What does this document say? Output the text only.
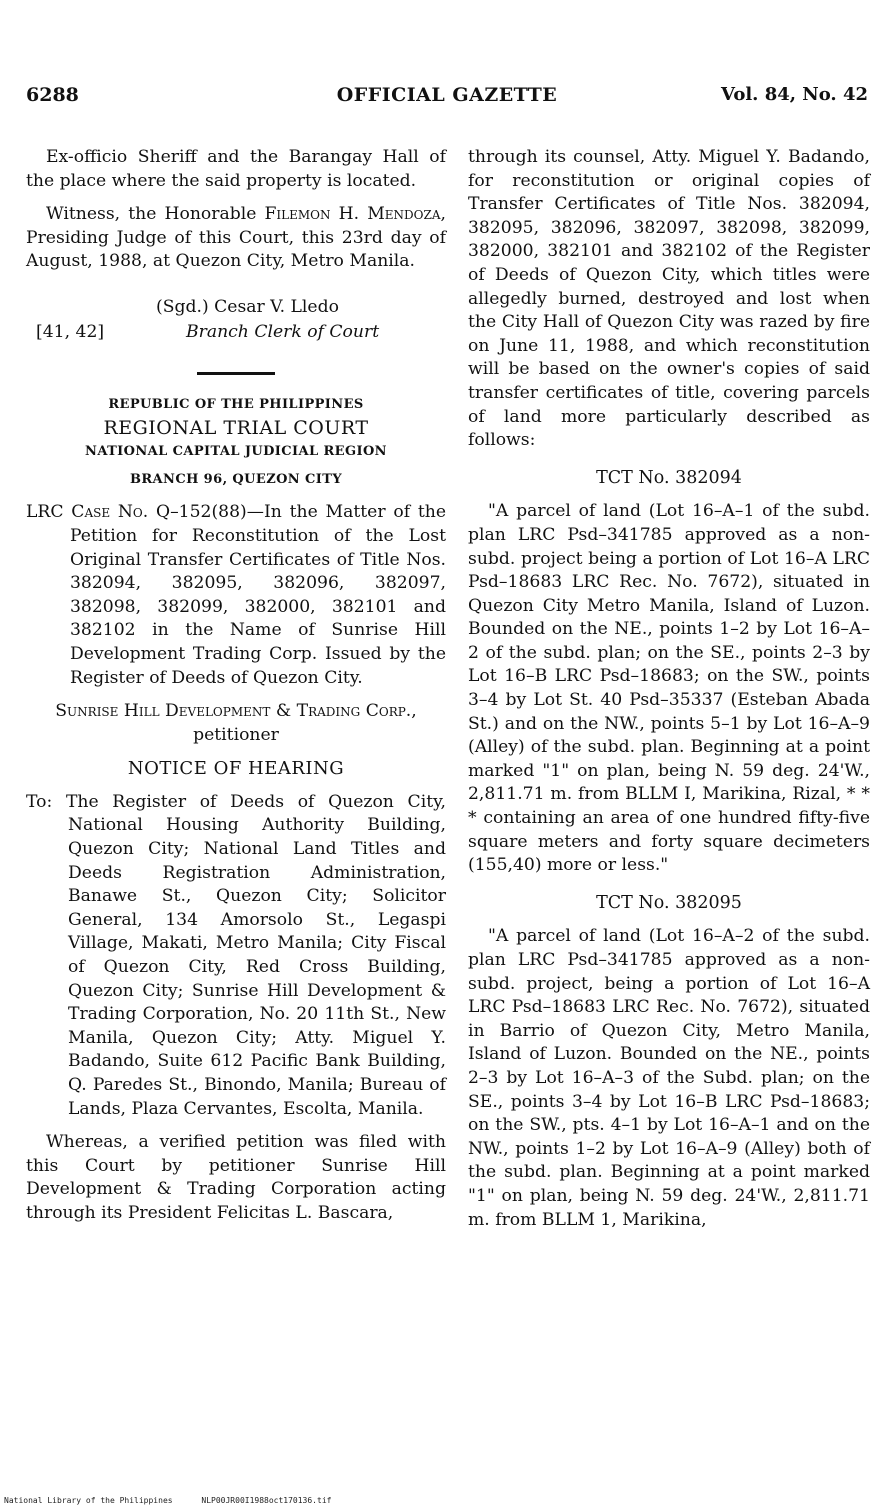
6288	OFFICIAL GAZETTE	Vol. 84, No. 42

Ex-officio Sheriff and the Barangay Hall of the place where the said property is located.

Witness, the Honorable Filemon H. Mendoza, Presiding Judge of this Court, this 23rd day of August, 1988, at Quezon City, Metro Manila.

(Sgd.) Cesar V. Lledo
[41, 42]	Branch Clerk of Court

REPUBLIC OF THE PHILIPPINES

REGIONAL TRIAL COURT

NATIONAL CAPITAL JUDICIAL REGION

BRANCH 96, QUEZON CITY

LRC Case No. Q–152(88)—In the Matter of the Petition for Reconstitution of the Lost Original Transfer Certificates of Title Nos. 382094, 382095, 382096, 382097, 382098, 382099, 382000, 382101 and 382102 in the Name of Sunrise Hill Development Trading Corp. Issued by the Register of Deeds of Quezon City.

Sunrise Hill Development & Trading Corp., petitioner

NOTICE OF HEARING

To: The Register of Deeds of Quezon City, National Housing Authority Building, Quezon City; National Land Titles and Deeds Registration Administration, Banawe St., Quezon City; Solicitor General, 134 Amorsolo St., Legaspi Village, Makati, Metro Manila; City Fiscal of Quezon City, Red Cross Building, Quezon City; Sunrise Hill Development & Trading Corporation, No. 20 11th St., New Manila, Quezon City; Atty. Miguel Y. Badando, Suite 612 Pacific Bank Building, Q. Paredes St., Binondo, Manila; Bureau of Lands, Plaza Cervantes, Escolta, Manila.

Whereas, a verified petition was filed with this Court by petitioner Sunrise Hill Development & Trading Corporation acting through its President Felicitas L. Bascara,

through its counsel, Atty. Miguel Y. Badando, for reconstitution or original copies of Transfer Certificates of Title Nos. 382094, 382095, 382096, 382097, 382098, 382099, 382000, 382101 and 382102 of the Register of Deeds of Quezon City, which titles were allegedly burned, destroyed and lost when the City Hall of Quezon City was razed by fire on June 11, 1988, and which reconstitution will be based on the owner's copies of said transfer certificates of title, covering parcels of land more particularly described as follows:

TCT No. 382094

"A parcel of land (Lot 16–A–1 of the subd. plan LRC Psd–341785 approved as a non-subd. project being a portion of Lot 16–A LRC Psd–18683 LRC Rec. No. 7672), situated in Quezon City Metro Manila, Island of Luzon. Bounded on the NE., points 1–2 by Lot 16–A–2 of the subd. plan; on the SE., points 2–3 by Lot 16–B LRC Psd–18683; on the SW., points 3–4 by Lot St. 40 Psd–35337 (Esteban Abada St.) and on the NW., points 5–1 by Lot 16–A–9 (Alley) of the subd. plan. Beginning at a point marked "1" on plan, being N. 59 deg. 24'W., 2,811.71 m. from BLLM I, Marikina, Rizal, * * * containing an area of one hundred fifty-five square meters and forty square decimeters (155,40) more or less."

TCT No. 382095

"A parcel of land (Lot 16–A–2 of the subd. plan LRC Psd–341785 approved as a non-subd. project, being a portion of Lot 16–A LRC Psd–18683 LRC Rec. No. 7672), situated in Barrio of Quezon City, Metro Manila, Island of Luzon. Bounded on the NE., points 2–3 by Lot 16–A–3 of the Subd. plan; on the SE., points 3–4 by Lot 16–B LRC Psd–18683; on the SW., pts. 4–1 by Lot 16–A–1 and on the NW., points 1–2 by Lot 16–A–9 (Alley) both of the subd. plan. Beginning at a point marked "1" on plan, being N. 59 deg. 24'W., 2,811.71 m. from BLLM 1, Marikina,

National Library of the Philippines	NLP00JR00I1988oct170136.tif
